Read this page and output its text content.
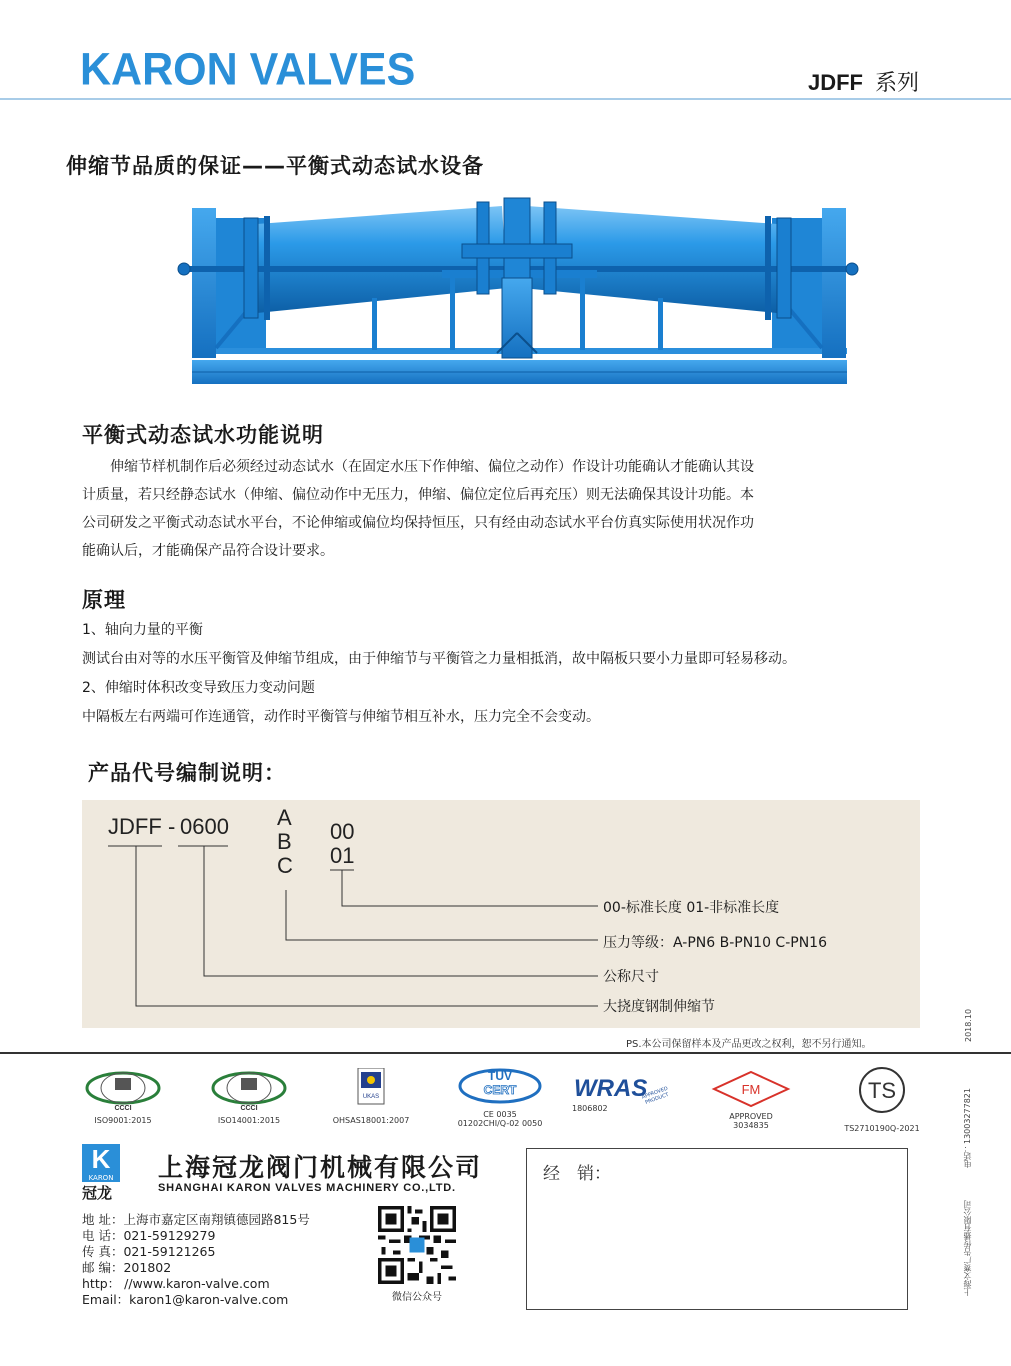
KARON VALVES	JDFF 系列
伸缩节品质的保证——平衡式动态试水设备
平衡式动态试水功能说明
　　伸缩节样机制作后必须经过动态试水（在固定水压下作伸缩、偏位之动作）作设计功能确认才能确认其设
计质量，若只经静态试水（伸缩、偏位动作中无压力，伸缩、偏位定位后再充压）则无法确保其设计功能。本
公司研发之平衡式动态试水平台，不论伸缩或偏位均保持恒压，只有经由动态试水平台仿真实际使用状况作功
能确认后，才能确保产品符合设计要求。
原理
1、轴向力量的平衡
测试台由对等的水压平衡管及伸缩节组成，由于伸缩节与平衡管之力量相抵消，故中隔板只要小力量即可轻易移动。
2、伸缩时体积改变导致压力变动问题
中隔板左右两端可作连通管，动作时平衡管与伸缩节相互补水，压力完全不会变动。
产品代号编制说明：
JDFF - 0600 A
B
C
00
01
00-标准长度 01-非标准长度
压力等级：A-PN6 B-PN10 C-PN16
公称尺寸
大挠度钢制伸缩节
2018.10
PS.本公司保留样本及产品更改之权利，恕不另行通知。
CCCI
ISO9001:2015
CCCI
ISO14001:2015
UKAS
OHSAS18001:2007
TÜV
CERT
CE 0035
01202CHI/Q-02 0050
WRAS
1806802
APPROVED PRODUCT
FM
APPROVED
3034835
TS
TS2710190Q-2021
K
KARON
冠龙
上海冠龙阀门机械有限公司
SHANGHAI KARON VALVES MACHINERY CO.,LTD.
地 址：上海市嘉定区南翔镇德园路815号
电 话：021-59129279
传 真：021-59121265
邮 编：201802
http： //www.karon-valve.com
Email：karon1@karon-valve.com	微信公众号
经　销：
电话：13003277821
上海文赛广告传播有限公司
